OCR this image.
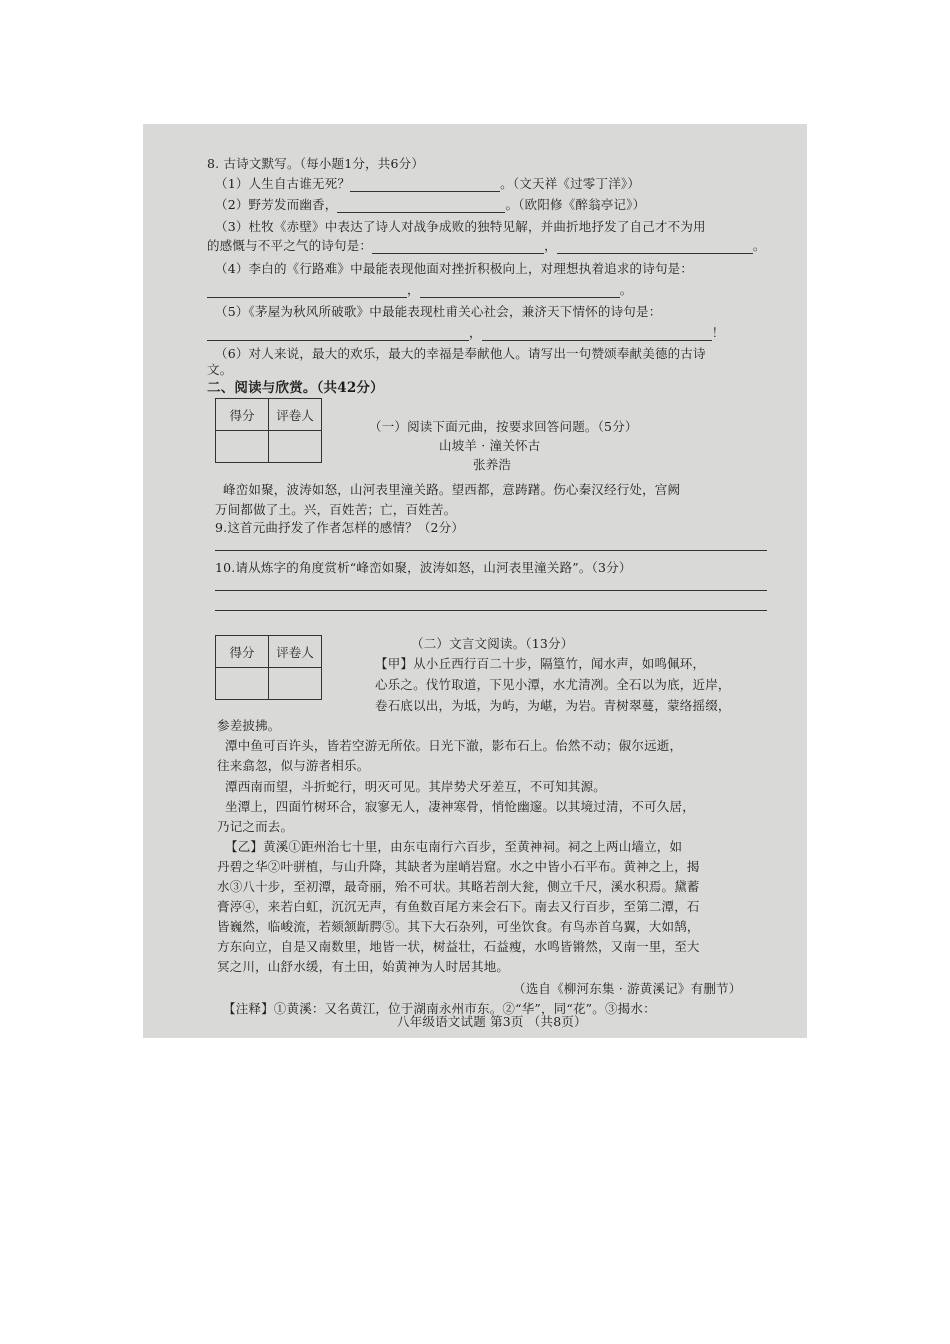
8. 古诗文默写。（每小题1分，共6分）
（1）人生自古谁无死？	。（文天祥《过零丁洋》）
（2）野芳发而幽香，	。（欧阳修《醉翁亭记》）
（3）杜牧《赤壁》中表达了诗人对战争成败的独特见解，并曲折地抒发了自己才不为用
的感慨与不平之气的诗句是：	，	。
（4）李白的《行路难》中最能表现他面对挫折积极向上，对理想执着追求的诗句是：
，	。
（5）《茅屋为秋风所破歌》中最能表现杜甫关心社会，兼济天下情怀的诗句是：
，	！
（6）对人来说，最大的欢乐，最大的幸福是奉献他人。请写出一句赞颂奉献美德的古诗
文。
二、阅读与欣赏。（共42分）
得分	评卷人

（一）阅读下面元曲，按要求回答问题。（5分）
山坡羊 · 潼关怀古
张养浩
峰峦如聚，波涛如怒，山河表里潼关路。望西都，意踌躇。伤心秦汉经行处，宫阙
万间都做了土。兴，百姓苦；亡，百姓苦。
9.这首元曲抒发了作者怎样的感情？（2分）
10.请从炼字的角度赏析“峰峦如聚，波涛如怒，山河表里潼关路”。（3分）
得分	评卷人

（二）文言文阅读。（13分）
【甲】从小丘西行百二十步，隔篁竹，闻水声，如鸣佩环，
心乐之。伐竹取道，下见小潭，水尤清冽。全石以为底，近岸，
卷石底以出，为坻，为屿，为嵁，为岩。青树翠蔓，蒙络摇缀，
参差披拂。
潭中鱼可百许头，皆若空游无所依。日光下澈，影布石上。佁然不动；俶尔远逝，
往来翕忽，似与游者相乐。
潭西南而望，斗折蛇行，明灭可见。其岸势犬牙差互，不可知其源。
坐潭上，四面竹树环合，寂寥无人，凄神寒骨，悄怆幽邃。以其境过清，不可久居，
乃记之而去。
【乙】黄溪①距州治七十里，由东屯南行六百步，至黄神祠。祠之上两山墙立，如
丹碧之华②叶骈植，与山升降，其缺者为崖峭岩窟。水之中皆小石平布。黄神之上，揭
水③八十步，至初潭，最奇丽，殆不可状。其略若剖大瓮，侧立千尺，溪水积焉。黛蓄
膏渟④，来若白虹，沉沉无声，有鱼数百尾方来会石下。南去又行百步，至第二潭，石
皆巍然，临峻流，若颏颔龂腭⑤。其下大石杂列，可坐饮食。有鸟赤首乌翼，大如鹄，
方东向立，自是又南数里，地皆一状，树益壮，石益瘦，水鸣皆锵然，又南一里，至大
冥之川，山舒水缓，有土田，始黄神为人时居其地。
（选自《柳河东集 · 游黄溪记》有删节）
【注释】①黄溪：又名黄江，位于湖南永州市东。②“华”，同“花”。③揭水：
八年级语文试题 第3页 （共8页）
